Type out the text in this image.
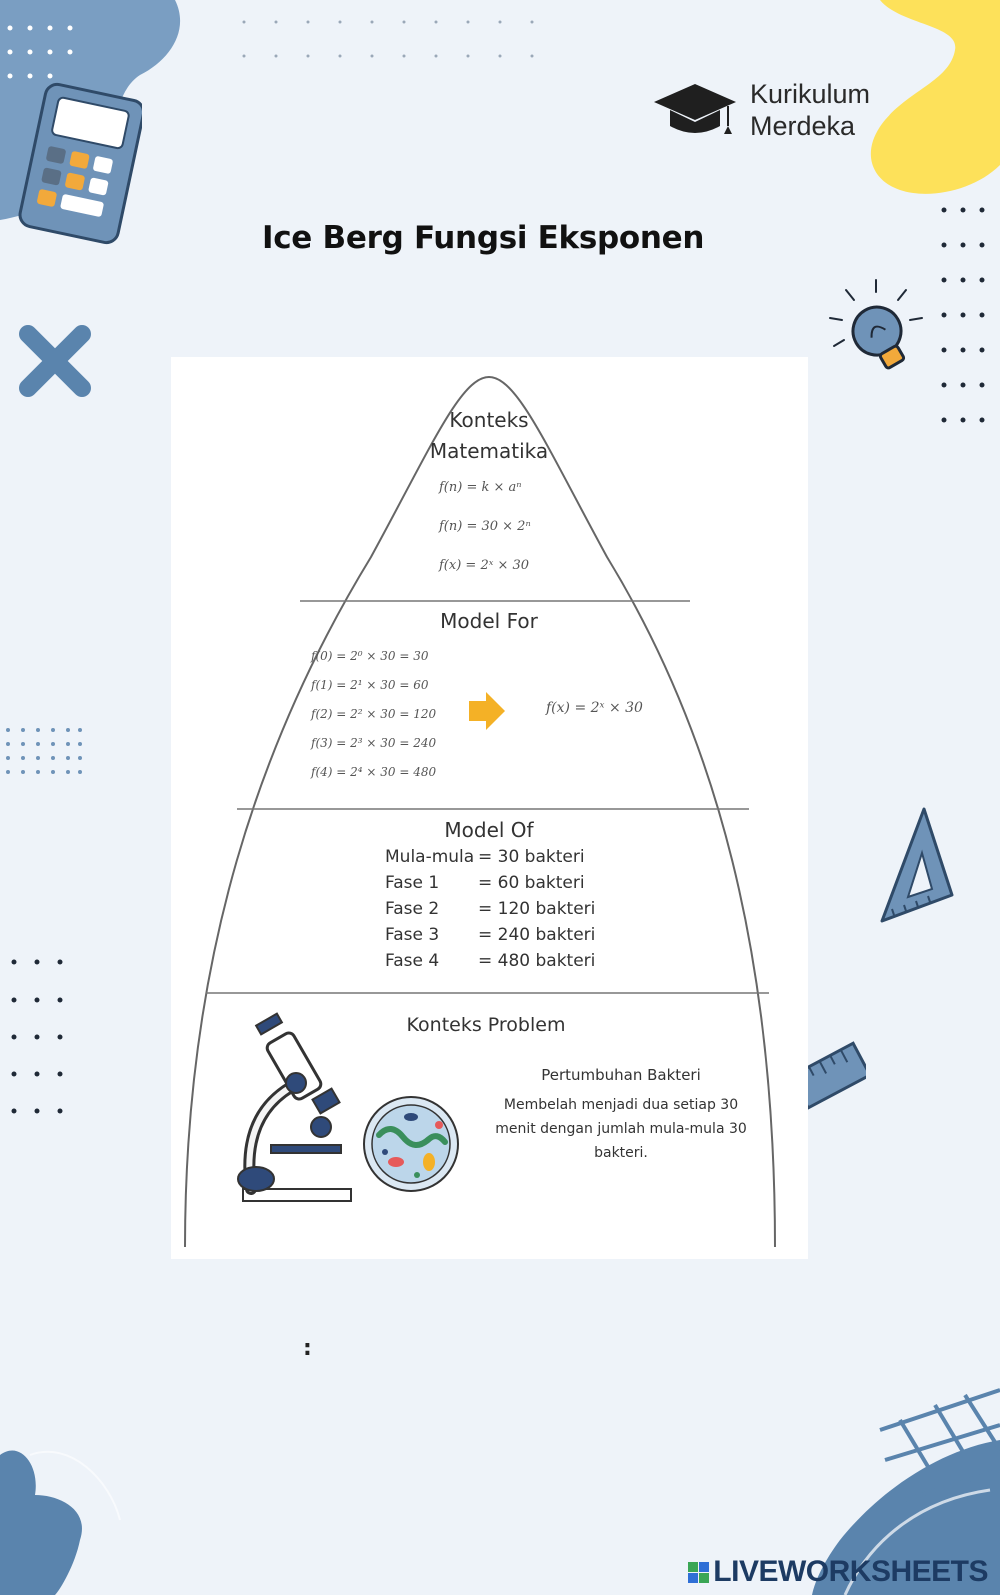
Kurikulum
Merdeka
Ice Berg Fungsi Eksponen
Konteks
Matematika
f(n) = k × aⁿ
f(n) = 30 × 2ⁿ
f(x) = 2ˣ × 30
Model For
f(0) = 2⁰ × 30 = 30
f(1) = 2¹ × 30 = 60
f(2) = 2² × 30 = 120
f(3) = 2³ × 30 = 240
f(4) = 2⁴ × 30 = 480
f(x) = 2ˣ × 30
Model Of
Mula-mula = 30 bakteri
Fase 1 = 60 bakteri
Fase 2 = 120 bakteri
Fase 3 = 240 bakteri
Fase 4 = 480 bakteri
Konteks Problem
Pertumbuhan Bakteri
Membelah menjadi dua setiap 30 menit dengan jumlah mula-mula 30 bakteri.
:
LIVEWORKSHEETS
